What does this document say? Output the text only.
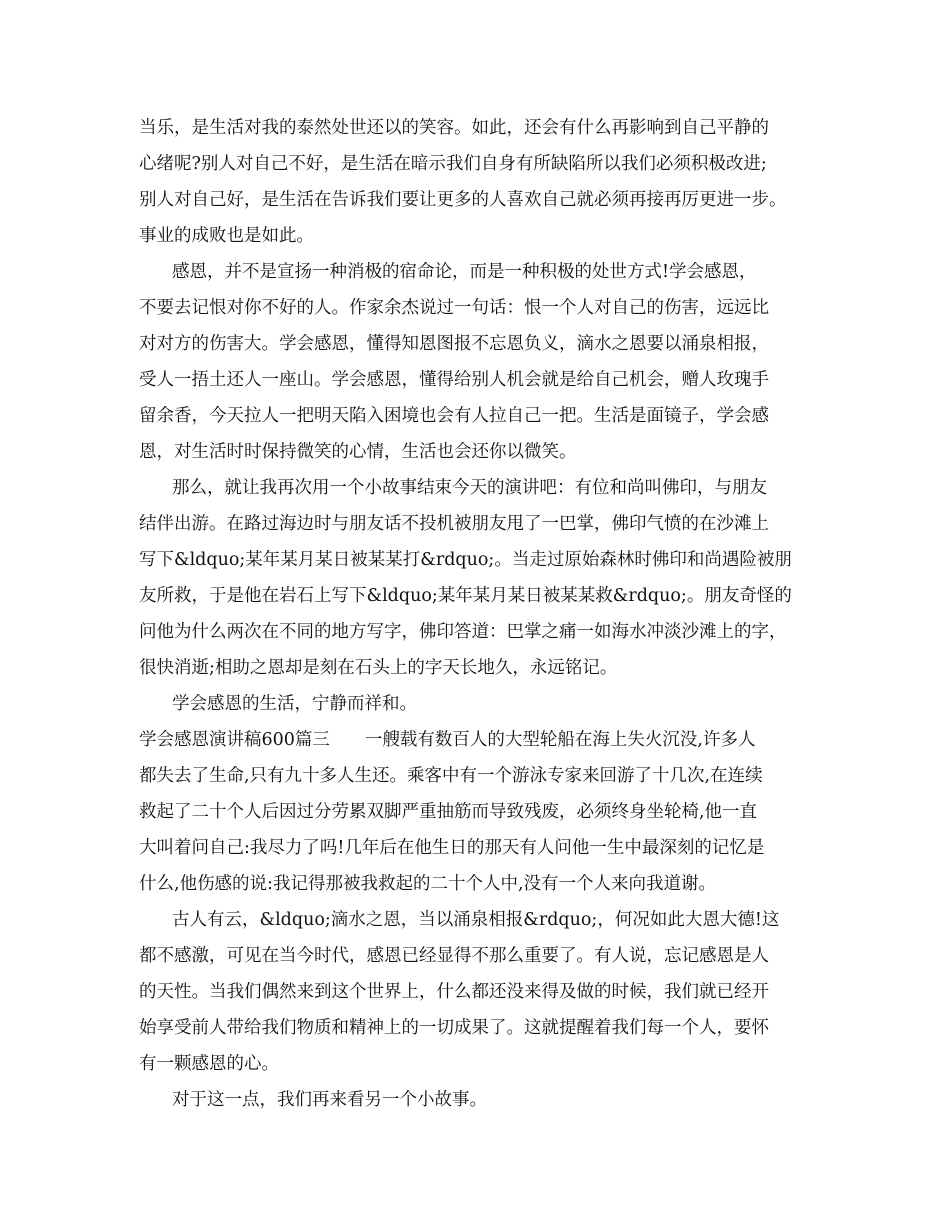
当乐，是生活对我的泰然处世还以的笑容。如此，还会有什么再影响到自己平静的
心绪呢?别人对自己不好，是生活在暗示我们自身有所缺陷所以我们必须积极改进;
别人对自己好，是生活在告诉我们要让更多的人喜欢自己就必须再接再厉更进一步。
事业的成败也是如此。
感恩，并不是宣扬一种消极的宿命论，而是一种积极的处世方式!学会感恩，
不要去记恨对你不好的人。作家余杰说过一句话：恨一个人对自己的伤害，远远比
对对方的伤害大。学会感恩，懂得知恩图报不忘恩负义，滴水之恩要以涌泉相报，
受人一捂土还人一座山。学会感恩，懂得给别人机会就是给自己机会，赠人玫瑰手
留余香，今天拉人一把明天陷入困境也会有人拉自己一把。生活是面镜子，学会感
恩，对生活时时保持微笑的心情，生活也会还你以微笑。
那么，就让我再次用一个小故事结束今天的演讲吧：有位和尚叫佛印，与朋友
结伴出游。在路过海边时与朋友话不投机被朋友甩了一巴掌，佛印气愤的在沙滩上
写下&ldquo;某年某月某日被某某打&rdquo;。当走过原始森林时佛印和尚遇险被朋
友所救，于是他在岩石上写下&ldquo;某年某月某日被某某救&rdquo;。朋友奇怪的
问他为什么两次在不同的地方写字，佛印答道：巴掌之痛一如海水冲淡沙滩上的字，
很快消逝;相助之恩却是刻在石头上的字天长地久，永远铭记。
学会感恩的生活，宁静而祥和。
学会感恩演讲稿600篇三　　一艘载有数百人的大型轮船在海上失火沉没,许多人
都失去了生命,只有九十多人生还。乘客中有一个游泳专家来回游了十几次,在连续
救起了二十个人后因过分劳累双脚严重抽筋而导致残废，必须终身坐轮椅,他一直
大叫着问自己:我尽力了吗!几年后在他生日的那天有人问他一生中最深刻的记忆是
什么,他伤感的说:我记得那被我救起的二十个人中,没有一个人来向我道谢。
古人有云，&ldquo;滴水之恩，当以涌泉相报&rdquo;，何况如此大恩大德!这
都不感激，可见在当今时代，感恩已经显得不那么重要了。有人说，忘记感恩是人
的天性。当我们偶然来到这个世界上，什么都还没来得及做的时候，我们就已经开
始享受前人带给我们物质和精神上的一切成果了。这就提醒着我们每一个人，要怀
有一颗感恩的心。
对于这一点，我们再来看另一个小故事。
